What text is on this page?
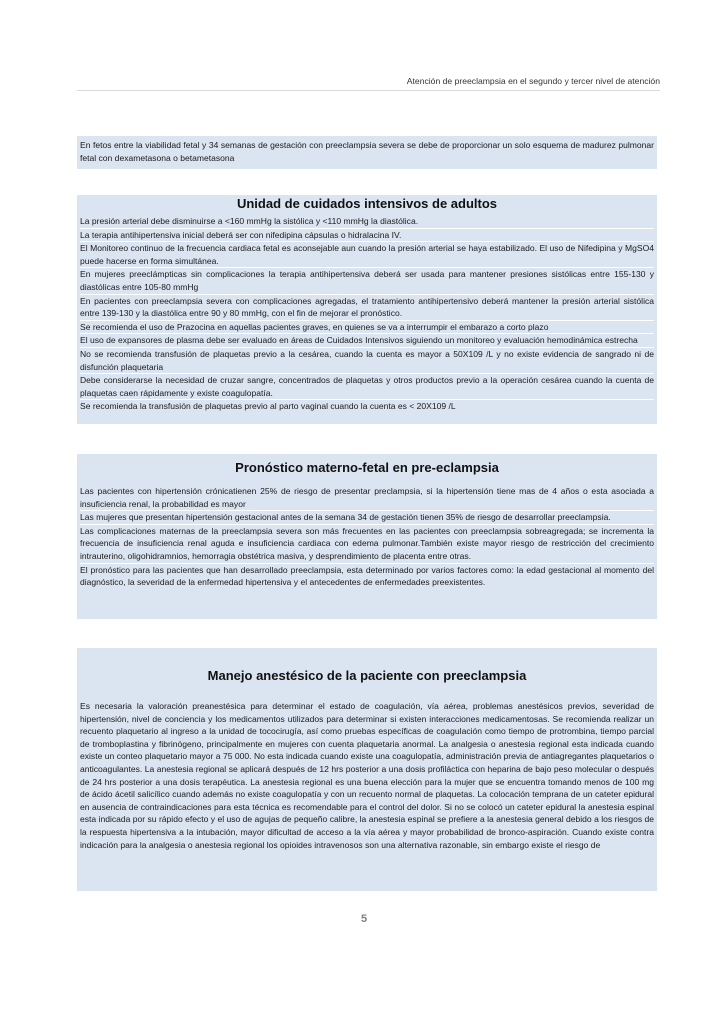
Atención de preeclampsia en el segundo y tercer nivel de atención

En fetos entre la viabilidad fetal y 34 semanas de gestación con preeclampsia severa se debe de proporcionar un solo esquema de madurez pulmonar fetal con dexametasona o betametasona

Unidad de cuidados intensivos de adultos

La presión arterial debe disminuirse a <160 mmHg la sistólica y <110 mmHg la diastólica.

La terapia antihipertensiva inicial deberá ser con nifedipina cápsulas o hidralacina IV.

El Monitoreo continuo de la frecuencia cardiaca fetal es aconsejable aun cuando la presión arterial se haya estabilizado. El uso de Nifedipina y MgSO4 puede hacerse en forma simultánea.

En mujeres preeclámpticas sin complicaciones la terapia antihipertensiva deberá ser usada para mantener presiones sistólicas entre 155-130 y diastólicas entre 105-80 mmHg

En pacientes con preeclampsia severa con complicaciones agregadas, el tratamiento antihipertensivo deberá mantener la presión arterial sistólica entre 139-130 y la diastólica entre 90 y 80 mmHg, con el fin de mejorar el pronóstico.

Se recomienda el uso de Prazocina en aquellas pacientes graves, en quienes se va a interrumpir el embarazo a corto plazo

El uso de expansores de plasma debe ser evaluado en áreas de Cuidados Intensivos siguiendo un monitoreo y evaluación hemodinámica estrecha

No se recomienda transfusión de plaquetas previo a la cesárea, cuando la cuenta es mayor a 50X109 /L y no existe evidencia de sangrado ni de disfunción plaquetaria

Debe considerarse la necesidad de cruzar sangre, concentrados de plaquetas y otros productos previo a la operación cesárea cuando la cuenta de plaquetas caen rápidamente y existe coagulopatía.

Se recomienda la transfusión de plaquetas previo al parto vaginal cuando la cuenta es < 20X109 /L

Pronóstico materno-fetal en pre-eclampsia

Las pacientes con hipertensión crónicatienen 25% de riesgo de presentar preclampsia, si la hipertensión tiene mas de 4 años o esta asociada a insuficiencia renal, la probabilidad es mayor

Las mujeres que presentan hipertensión gestacional antes de la semana 34 de gestación tienen 35% de riesgo de desarrollar preeclampsia.

Las complicaciones maternas de la preeclampsia severa son más frecuentes en las pacientes con preeclampsia sobreagregada; se incrementa la frecuencia de insuficiencia renal aguda e insuficiencia cardiaca con edema pulmonar.También existe mayor riesgo de restricción del crecimiento intrauterino, oligohidramnios, hemorragia obstétrica masiva, y desprendimiento de placenta entre otras.

El pronóstico para las pacientes que han desarrollado preeclampsia, esta determinado por varios factores como: la edad gestacional al momento del diagnóstico, la severidad de la enfermedad hipertensiva y el antecedentes de enfermedades preexistentes.

Manejo anestésico de la paciente con preeclampsia

Es necesaria la valoración preanestésica para determinar el estado de coagulación, vía aérea, problemas anestésicos previos, severidad de hipertensión, nivel de conciencia y los medicamentos utilizados para determinar si existen interacciones medicamentosas. Se recomienda realizar un recuento plaquetario al ingreso a la unidad de tococirugía, así como pruebas específicas de coagulación como tiempo de protrombina, tiempo parcial de tromboplastina y fibrinógeno, principalmente en mujeres con cuenta plaquetaria anormal. La analgesia o anestesia regional esta indicada cuando existe un conteo plaquetario mayor a 75 000. No esta indicada cuando existe una coagulopatía, administración previa de antiagregantes plaquetarios o anticoagulantes. La anestesia regional se aplicará después de 12 hrs posterior a una dosis profiláctica con heparina de bajo peso molecular o después de 24 hrs posterior a una dosis terapéutica. La anestesia regional es una buena elección para la mujer que se encuentra tomando menos de 100 mg de ácido ácetil salicílico cuando además no existe coagulopatía y con un recuento normal de plaquetas. La colocación temprana de un cateter epidural en ausencia de contraindicaciones para esta técnica es recomendable para el control del dolor. Si no se colocó un cateter epidural la anestesia espinal esta indicada por su rápido efecto y el uso de agujas de pequeño calibre, la anestesia espinal se prefiere a la anestesia general debido a los riesgos de la respuesta hipertensiva a la intubación, mayor dificultad de acceso a la vía aérea y mayor probabilidad de bronco-aspiración. Cuando existe contra indicación para la analgesia o anestesia regional los opioides intravenosos son una alternativa razonable, sin embargo existe el riesgo de

5
